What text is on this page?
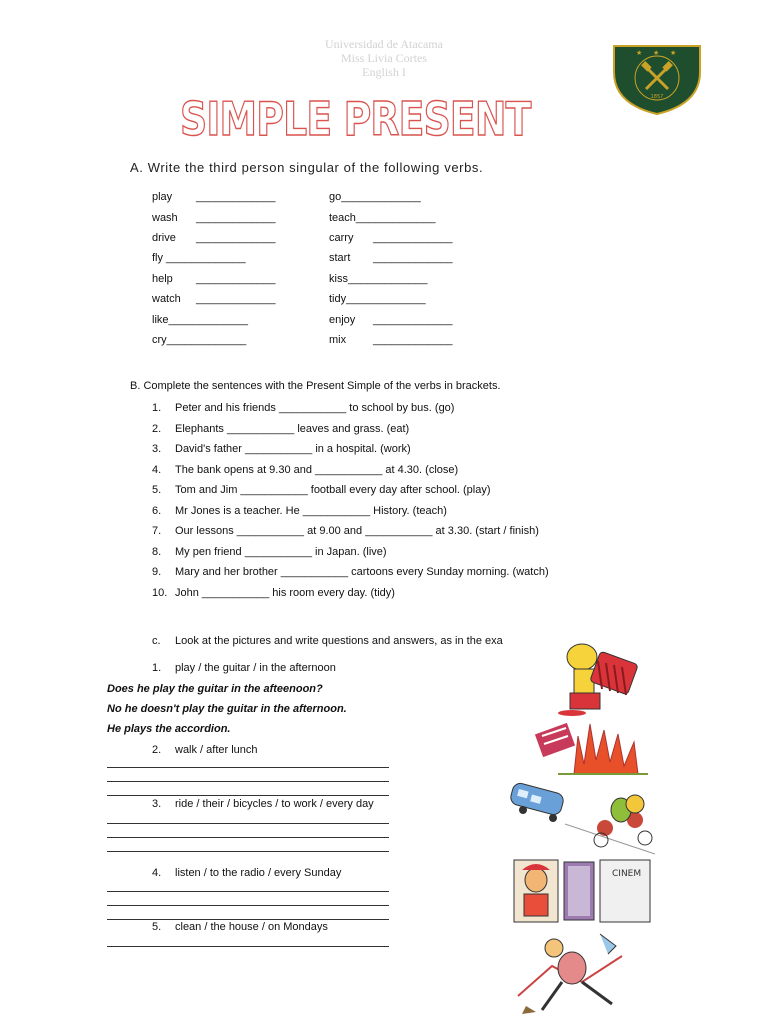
Universidad de Atacama
Miss Livia Cortes
English I
★ ★ ★
1857
SIMPLE PRESENT
A. Write the third person singular of the following verbs.
play _____________
wash _____________
drive _____________
fly _____________
help _____________
watch _____________
like_____________
cry_____________
go_____________
teach_____________
carry _____________
start _____________
kiss_____________
tidy_____________
enjoy _____________
mix _____________
B. Complete the sentences with the Present Simple of the verbs in brackets.
1. Peter and his friends ___________ to school by bus. (go)
2. Elephants ___________ leaves and grass. (eat)
3. David's father ___________ in a hospital. (work)
4. The bank opens at 9.30 and ___________ at 4.30. (close)
5. Tom and Jim ___________ football every day after school. (play)
6. Mr Jones is a teacher. He ___________ History. (teach)
7. Our lessons ___________ at 9.00 and ___________ at 3.30. (start / finish)
8. My pen friend ___________ in Japan. (live)
9. Mary and her brother ___________ cartoons every Sunday morning. (watch)
10. John ___________ his room every day. (tidy)
c. Look at the pictures and write questions and answers, as in the exa
1. play / the guitar / in the afternoon
Does he play the guitar in the afteenoon?
No he doesn't play the guitar in the afternoon.
He plays the accordion.
2. walk / after lunch
3. ride / their / bicycles / to work / every day
4. listen / to the radio / every Sunday
5. clean / the house / on Mondays
CINEM
